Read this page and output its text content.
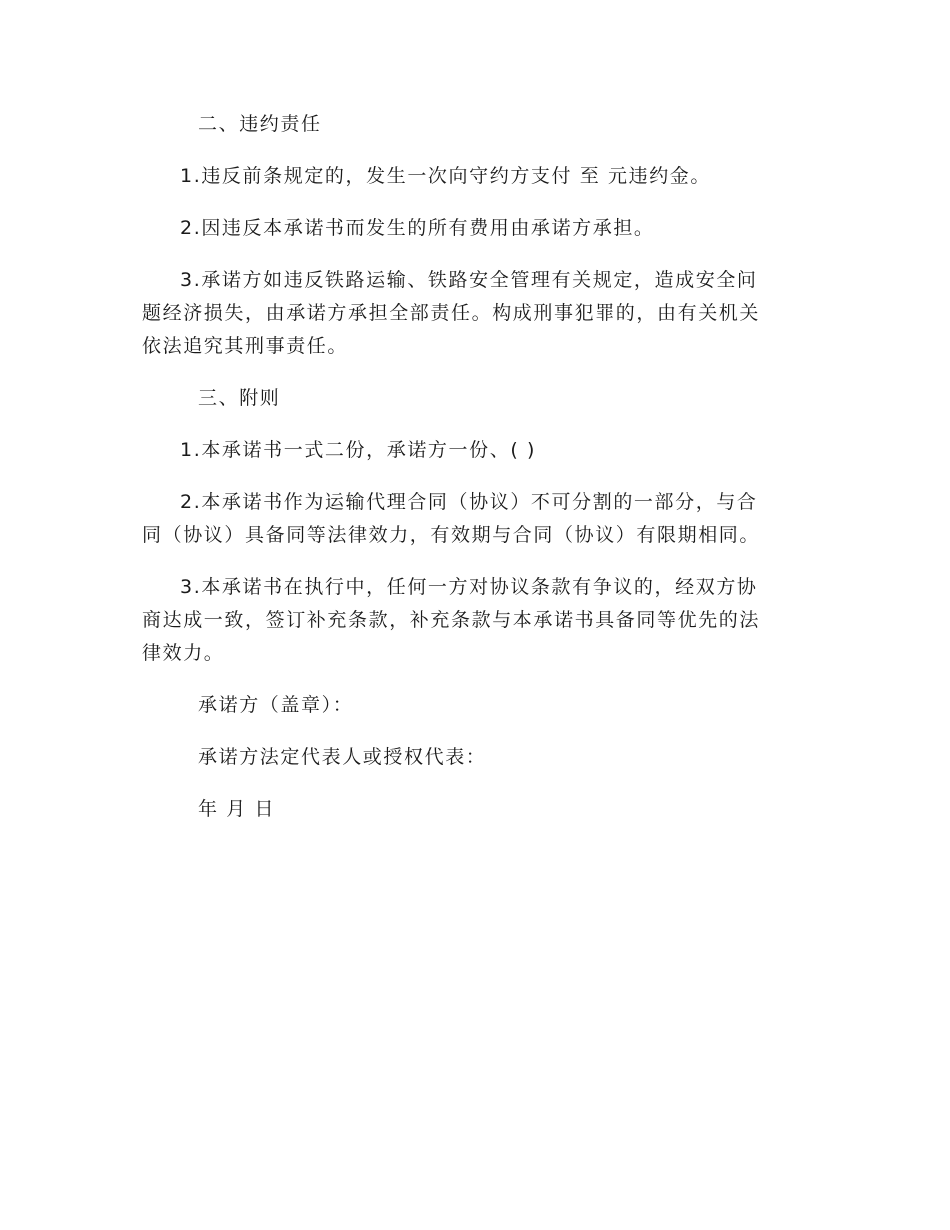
二、违约责任
1.违反前条规定的，发生一次向守约方支付 至 元违约金。
2.因违反本承诺书而发生的所有费用由承诺方承担。
3.承诺方如违反铁路运输、铁路安全管理有关规定，造成安全问
题经济损失，由承诺方承担全部责任。构成刑事犯罪的，由有关机关
依法追究其刑事责任。
三、附则
1.本承诺书一式二份，承诺方一份、( )
2.本承诺书作为运输代理合同（协议）不可分割的一部分，与合
同（协议）具备同等法律效力，有效期与合同（协议）有限期相同。
3.本承诺书在执行中，任何一方对协议条款有争议的，经双方协
商达成一致，签订补充条款，补充条款与本承诺书具备同等优先的法
律效力。
承诺方（盖章）：
承诺方法定代表人或授权代表：
年 月 日
